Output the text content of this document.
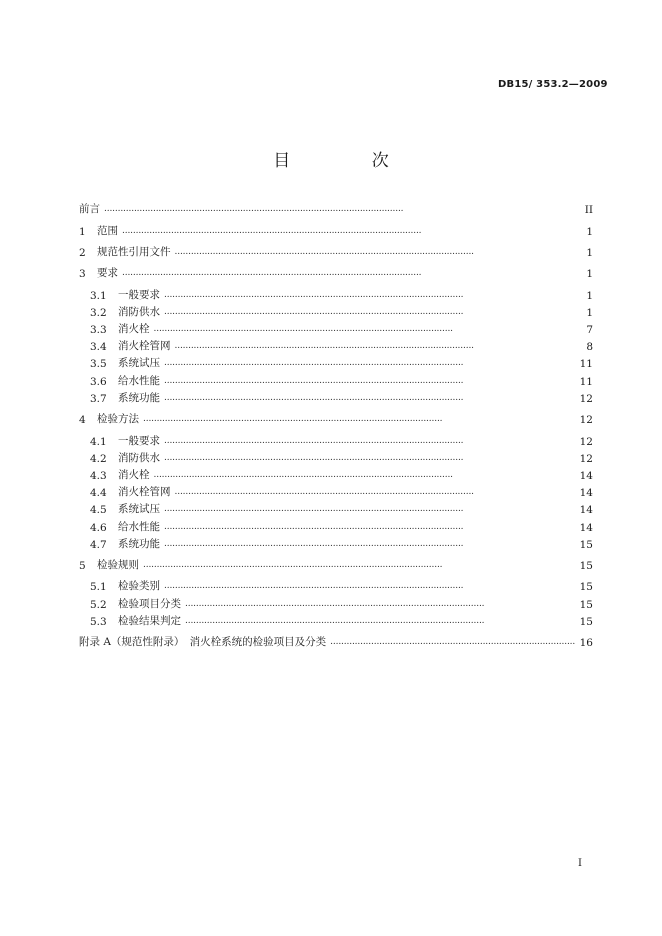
DB15/ 353.2—2009
目 次
前言 . . .	II
1	范围 . . .	1
2	规范性引用文件 . . .	1
3	要求 . . .	1
3.1	一般要求 . . .	1
3.2	消防供水 . . .	1
3.3	消火栓 . . .	7
3.4	消火栓管网 . . .	8
3.5	系统试压 . . .	11
3.6	给水性能 . . .	11
3.7	系统功能 . . .	12
4	检验方法 . . .	12
4.1	一般要求 . . .	12
4.2	消防供水 . . .	12
4.3	消火栓 . . .	14
4.4	消火栓管网 . . .	14
4.5	系统试压 . . .	14
4.6	给水性能 . . .	14
4.7	系统功能 . . .	15
5	检验规则 . . .	15
5.1	检验类别 . . .	15
5.2	检验项目分类 . . .	15
5.3	检验结果判定 . . .	15
附录 A（规范性附录）　消火栓系统的检验项目及分类 . . .	16
I
